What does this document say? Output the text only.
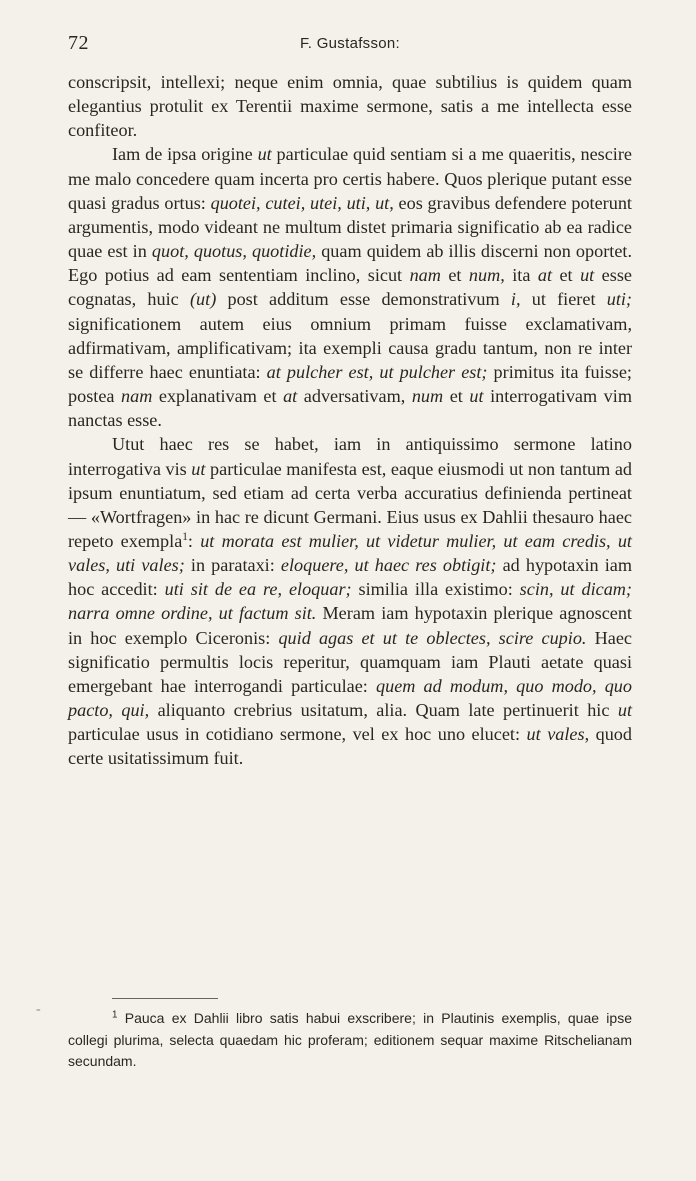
72	F. Gustafsson:

conscripsit, intellexi; neque enim omnia, quae subtilius is quidem quam elegantius protulit ex Terentii maxime sermone, satis a me intellecta esse confiteor.

Iam de ipsa origine ut particulae quid sentiam si a me quaeritis, nescire me malo concedere quam incerta pro certis habere. Quos plerique putant esse quasi gradus ortus: quotei, cutei, utei, uti, ut, eos gravibus defendere poterunt argumentis, modo videant ne multum distet primaria significatio ab ea radice quae est in quot, quotus, quotidie, quam quidem ab illis discerni non oportet. Ego potius ad eam sententiam inclino, sicut nam et num, ita at et ut esse cognatas, huic (ut) post additum esse demonstrativum i, ut fieret uti; significationem autem eius omnium primam fuisse exclamativam, adfirmativam, amplificativam; ita exempli causa gradu tantum, non re inter se differre haec enuntiata: at pulcher est, ut pulcher est; primitus ita fuisse; postea nam explanativam et at adversativam, num et ut interrogativam vim nanctas esse.

Utut haec res se habet, iam in antiquissimo sermone latino interrogativa vis ut particulae manifesta est, eaque eiusmodi ut non tantum ad ipsum enuntiatum, sed etiam ad certa verba accuratius definienda pertineat — «Wortfragen» in hac re dicunt Germani. Eius usus ex Dahlii thesauro haec repeto exempla$^1$: ut morata est mulier, ut videtur mulier, ut eam credis, ut vales, uti vales; in parataxi: eloquere, ut haec res obtigit; ad hypotaxin iam hoc accedit: uti sit de ea re, eloquar; similia illa existimo: scin, ut dicam; narra omne ordine, ut factum sit. Meram iam hypotaxin plerique agnoscent in hoc exemplo Ciceronis: quid agas et ut te oblectes, scire cupio. Haec significatio permultis locis reperitur, quamquam iam Plauti aetate quasi emergebant hae interrogandi particulae: quem ad modum, quo modo, quo pacto, qui, aliquanto crebrius usitatum, alia. Quam late pertinuerit hic ut particulae usus in cotidiano sermone, vel ex hoc uno elucet: ut vales, quod certe usitatissimum fuit.

-	$^1$ Pauca ex Dahlii libro satis habui exscribere; in Plautinis exemplis, quae ipse collegi plurima, selecta quaedam hic proferam; editionem sequar maxime Ritschelianam secundam.
